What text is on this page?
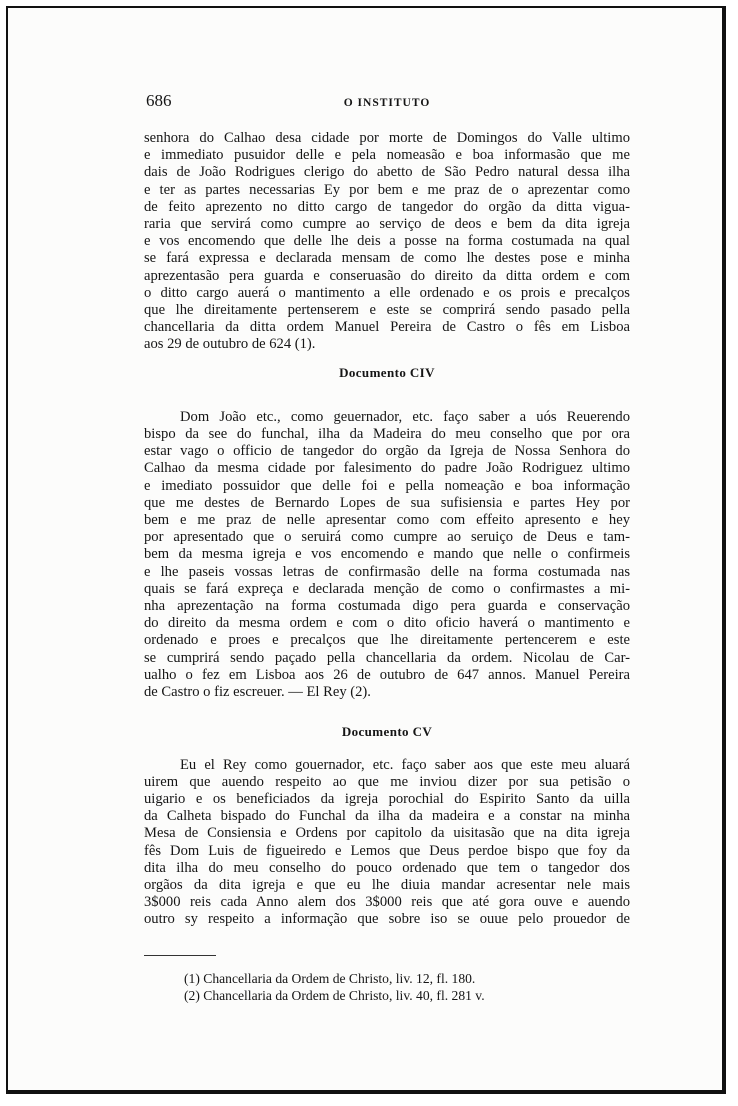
686	O INSTITUTO
senhora do Calhao desa cidade por morte de Domingos do Valle ultimo
e immediato pusuidor delle e pela nomeasão e boa informasão que me
dais de João Rodrigues clerigo do abetto de São Pedro natural dessa ilha
e ter as partes necessarias Ey por bem e me praz de o aprezentar como
de feito aprezento no ditto cargo de tangedor do orgão da ditta vigua-
raria que servirá como cumpre ao serviço de deos e bem da dita igreja
e vos encomendo que delle lhe deis a posse na forma costumada na qual
se fará expressa e declarada mensam de como lhe destes pose e minha
aprezentasão pera guarda e conseruasão do direito da ditta ordem e com
o ditto cargo auerá o mantimento a elle ordenado e os prois e precalços
que lhe direitamente pertenserem e este se comprirá sendo pasado pella
chancellaria da ditta ordem Manuel Pereira de Castro o fês em Lisboa
aos 29 de outubro de 624 (1).
Documento CIV
Dom João etc., como geuernador, etc. faço saber a uós Reuerendo
bispo da see do funchal, ilha da Madeira do meu conselho que por ora
estar vago o officio de tangedor do orgão da Igreja de Nossa Senhora do
Calhao da mesma cidade por falesimento do padre João Rodriguez ultimo
e imediato possuidor que delle foi e pella nomeação e boa informação
que me destes de Bernardo Lopes de sua sufisiensia e partes Hey por
bem e me praz de nelle apresentar como com effeito apresento e hey
por apresentado que o seruirá como cumpre ao seruiço de Deus e tam-
bem da mesma igreja e vos encomendo e mando que nelle o confirmeis
e lhe paseis vossas letras de confirmasão delle na forma costumada nas
quais se fará expreça e declarada menção de como o confirmastes a mi-
nha aprezentação na forma costumada digo pera guarda e conservação
do direito da mesma ordem e com o dito oficio haverá o mantimento e
ordenado e proes e precalços que lhe direitamente pertencerem e este
se cumprirá sendo paçado pella chancellaria da ordem. Nicolau de Car-
ualho o fez em Lisboa aos 26 de outubro de 647 annos. Manuel Pereira
de Castro o fiz escreuer. — El Rey (2).
Documento CV
Eu el Rey como gouernador, etc. faço saber aos que este meu aluará
uirem que auendo respeito ao que me inviou dizer por sua petisão o
uigario e os beneficiados da igreja porochial do Espirito Santo da uilla
da Calheta bispado do Funchal da ilha da madeira e a constar na minha
Mesa de Consiensia e Ordens por capitolo da uisitasão que na dita igreja
fês Dom Luis de figueiredo e Lemos que Deus perdoe bispo que foy da
dita ilha do meu conselho do pouco ordenado que tem o tangedor dos
orgãos da dita igreja e que eu lhe diuia mandar acresentar nele mais
3$000 reis cada Anno alem dos 3$000 reis que até gora ouve e auendo
outro sy respeito a informação que sobre iso se ouue pelo prouedor de
(1) Chancellaria da Ordem de Christo, liv. 12, fl. 180.
(2) Chancellaria da Ordem de Christo, liv. 40, fl. 281 v.
